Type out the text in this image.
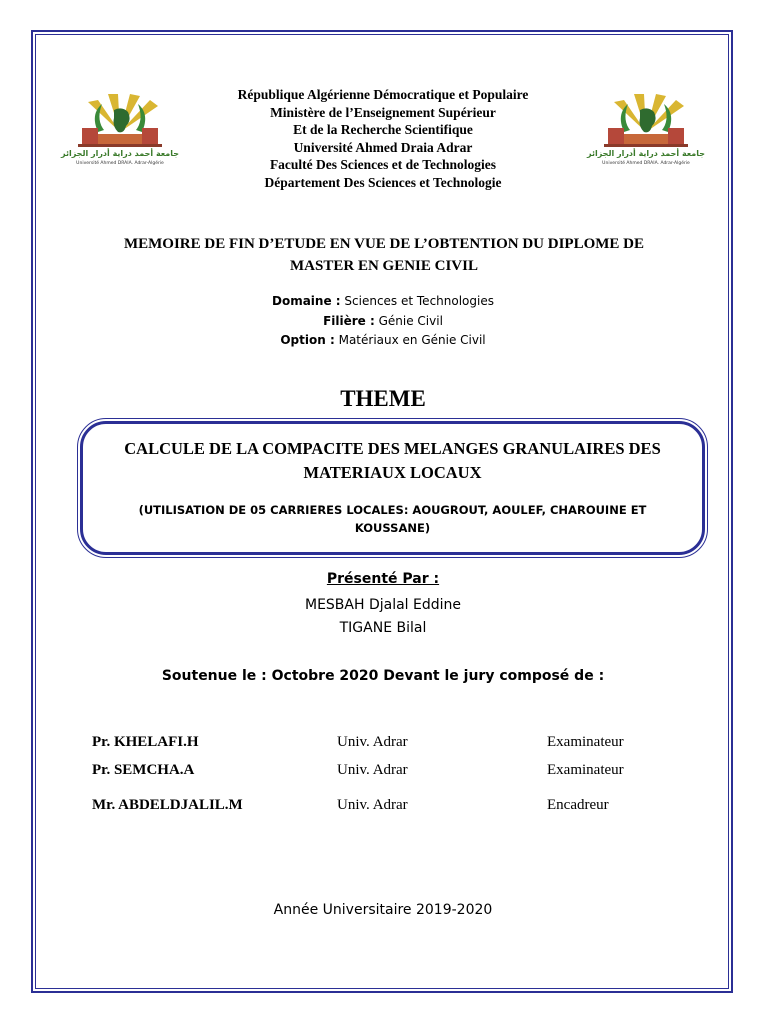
جامعة أحمد دراية أدرار الجزائر
Université Ahmed DRAIA. Adrar-Algérie
جامعة أحمد دراية أدرار الجزائر
Université Ahmed DRAIA. Adrar-Algérie
République Algérienne Démocratique et Populaire
Ministère de l’Enseignement Supérieur
Et de la Recherche Scientifique
Université Ahmed Draia Adrar
Faculté Des Sciences et de Technologies
Département Des Sciences et Technologie
MEMOIRE DE FIN D’ETUDE EN VUE DE L’OBTENTION DU DIPLOME DE
MASTER EN GENIE CIVIL
Domaine : Sciences et Technologies
Filière : Génie Civil
Option : Matériaux en Génie Civil
THEME
CALCULE DE LA COMPACITE DES MELANGES GRANULAIRES DES
MATERIAUX LOCAUX
(UTILISATION DE 05 CARRIERES LOCALES: AOUGROUT, AOULEF, CHAROUINE ET
KOUSSANE)
Présenté Par :
MESBAH Djalal Eddine
TIGANE Bilal
Soutenue le : Octobre 2020 Devant le jury composé de :
Pr. KHELAFI.H	Univ. Adrar	Examinateur
Pr. SEMCHA.A	Univ. Adrar	Examinateur
Mr. ABDELDJALIL.M	Univ. Adrar	Encadreur
Année Universitaire 2019-2020
